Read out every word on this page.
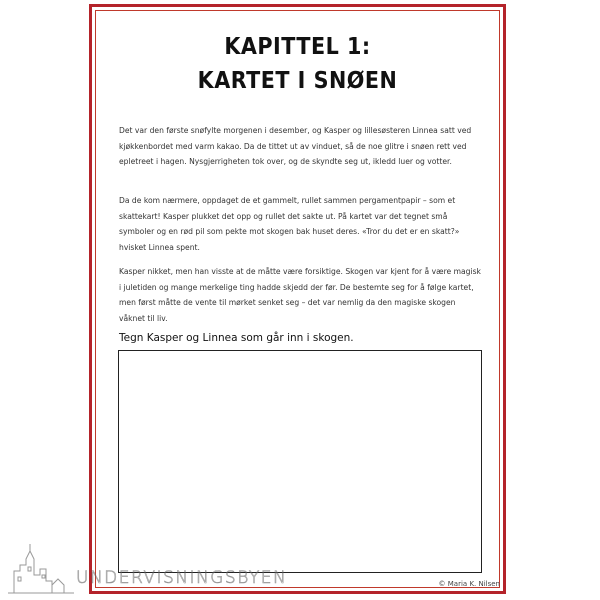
KAPITTEL 1:
KARTET I SNØEN
Det var den første snøfylte morgenen i desember, og Kasper og lillesøsteren Linnea satt ved kjøkkenbordet med varm kakao. Da de tittet ut av vinduet, så de noe glitre i snøen rett ved epletreet i hagen. Nysgjerrigheten tok over, og de skyndte seg ut, ikledd luer og votter.
Da de kom nærmere, oppdaget de et gammelt, rullet sammen pergamentpapir – som et skattekart! Kasper plukket det opp og rullet det sakte ut. På kartet var det tegnet små symboler og en rød pil som pekte mot skogen bak huset deres. «Tror du det er en skatt?» hvisket Linnea spent.
Kasper nikket, men han visste at de måtte være forsiktige. Skogen var kjent for å være magisk i juletiden og mange merkelige ting hadde skjedd der før. De bestemte seg for å følge kartet, men først måtte de vente til mørket senket seg – det var nemlig da den magiske skogen våknet til liv.
Tegn Kasper og Linnea som går inn i skogen.
© Maria K. Nilsen
UNDERVISNINGSBYEN
